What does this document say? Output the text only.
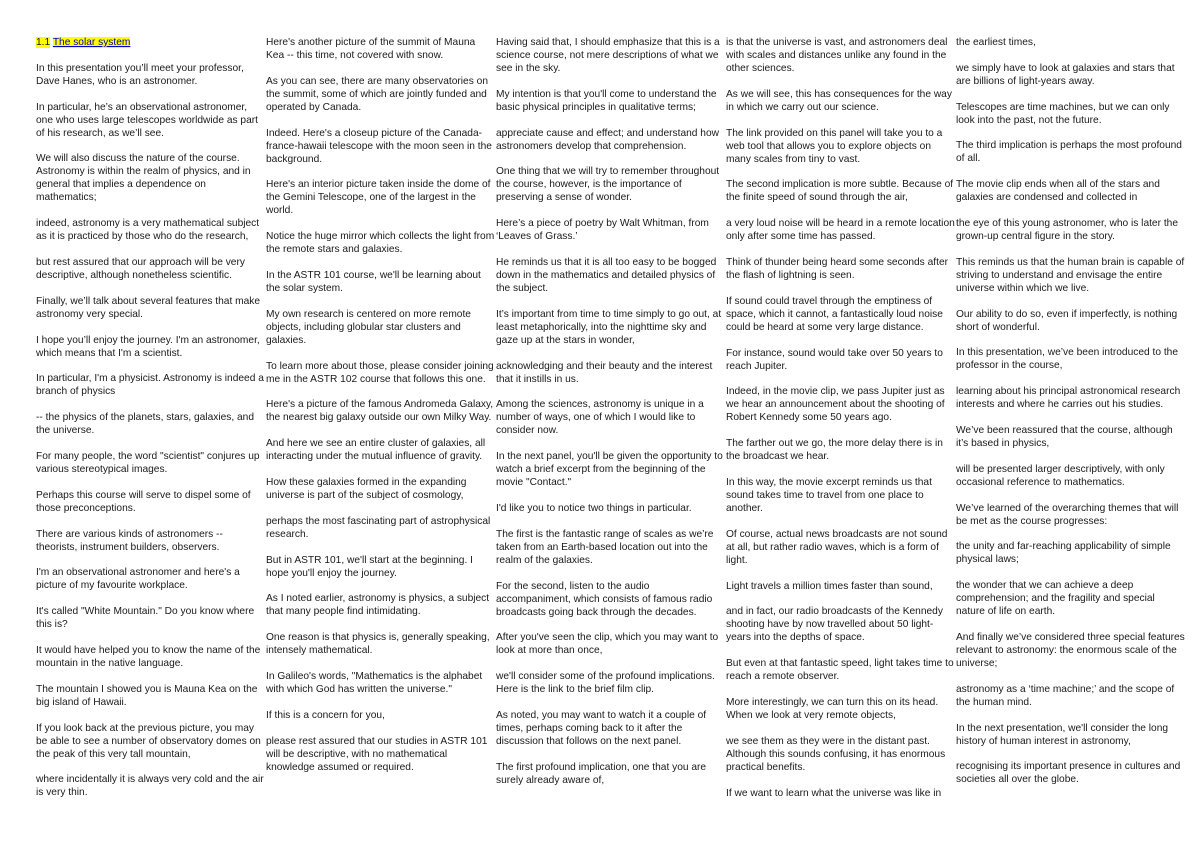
1.1 The solar system

In this presentation you’ll meet your professor, Dave Hanes, who is an astronomer.

In particular, he’s an observational astronomer, one who uses large telescopes worldwide as part of his research, as we’ll see.

We will also discuss the nature of the course. Astronomy is within the realm of physics, and in general that implies a dependence on mathematics;

indeed, astronomy is a very mathematical subject as it is practiced by those who do the research,

but rest assured that our approach will be very descriptive, although nonetheless scientific.

Finally, we’ll talk about several features that make astronomy very special.

I hope you’ll enjoy the journey. I'm an astronomer, which means that I'm a scientist.

In particular, I'm a physicist. Astronomy is indeed a branch of physics

-- the physics of the planets, stars, galaxies, and the universe.

For many people, the word "scientist" conjures up various stereotypical images.

Perhaps this course will serve to dispel some of those preconceptions.

There are various kinds of astronomers -- theorists, instrument builders, observers.

I'm an observational astronomer and here's a picture of my favourite workplace.

It's called "White Mountain." Do you know where this is?

It would have helped you to know the name of the mountain in the native language.

The mountain I showed you is Mauna Kea on the big island of Hawaii.

If you look back at the previous picture, you may be able to see a number of observatory domes on the peak of this very tall mountain,

where incidentally it is always very cold and the air is very thin.

Here's another picture of the summit of Mauna Kea -- this time, not covered with snow.

As you can see, there are many observatories on the summit, some of which are jointly funded and operated by Canada.

Indeed. Here's a closeup picture of the Canada-france-hawaii telescope with the moon seen in the background.

Here's an interior picture taken inside the dome of the Gemini Telescope, one of the largest in the world.

Notice the huge mirror which collects the light from the remote stars and galaxies.

In the ASTR 101 course, we'll be learning about the solar system.

My own research is centered on more remote objects, including globular star clusters and galaxies.

To learn more about those, please consider joining me in the ASTR 102 course that follows this one.

Here's a picture of the famous Andromeda Galaxy, the nearest big galaxy outside our own Milky Way.

And here we see an entire cluster of galaxies, all interacting under the mutual influence of gravity.

How these galaxies formed in the expanding universe is part of the subject of cosmology,

perhaps the most fascinating part of astrophysical research.

But in ASTR 101, we'll start at the beginning. I hope you'll enjoy the journey.

As I noted earlier, astronomy is physics, a subject that many people find intimidating.

One reason is that physics is, generally speaking, intensely mathematical.

In Galileo's words, "Mathematics is the alphabet with which God has written the universe."

If this is a concern for you,

please rest assured that our studies in ASTR 101 will be descriptive, with no mathematical knowledge assumed or required.

Having said that, I should emphasize that this is a science course, not mere descriptions of what we see in the sky.

My intention is that you'll come to understand the basic physical principles in qualitative terms;

appreciate cause and effect; and understand how astronomers develop that comprehension.

One thing that we will try to remember throughout the course, however, is the importance of preserving a sense of wonder.

Here’s a piece of poetry by Walt Whitman, from ‘Leaves of Grass.’

He reminds us that it is all too easy to be bogged down in the mathematics and detailed physics of the subject.

It’s important from time to time simply to go out, at least metaphorically, into the nighttime sky and gaze up at the stars in wonder,

acknowledging and their beauty and the interest that it instills in us.

Among the sciences, astronomy is unique in a number of ways, one of which I would like to consider now.

In the next panel, you'll be given the opportunity to watch a brief excerpt from the beginning of the movie "Contact."

I'd like you to notice two things in particular.

The first is the fantastic range of scales as we’re taken from an Earth-based location out into the realm of the galaxies.

For the second, listen to the audio accompaniment, which consists of famous radio broadcasts going back through the decades.

After you've seen the clip, which you may want to look at more than once,

we'll consider some of the profound implications. Here is the link to the brief film clip.

As noted, you may want to watch it a couple of times, perhaps coming back to it after the discussion that follows on the next panel.

The first profound implication, one that you are surely already aware of,

is that the universe is vast, and astronomers deal with scales and distances unlike any found in the other sciences.

As we will see, this has consequences for the way in which we carry out our science.

The link provided on this panel will take you to a web tool that allows you to explore objects on many scales from tiny to vast.

The second implication is more subtle. Because of the finite speed of sound through the air,

a very loud noise will be heard in a remote location only after some time has passed.

Think of thunder being heard some seconds after the flash of lightning is seen.

If sound could travel through the emptiness of space, which it cannot, a fantastically loud noise could be heard at some very large distance.

For instance, sound would take over 50 years to reach Jupiter.

Indeed, in the movie clip, we pass Jupiter just as we hear an announcement about the shooting of Robert Kennedy some 50 years ago.

The farther out we go, the more delay there is in the broadcast we hear.

In this way, the movie excerpt reminds us that sound takes time to travel from one place to another.

Of course, actual news broadcasts are not sound at all, but rather radio waves, which is a form of light.

Light travels a million times faster than sound,

and in fact, our radio broadcasts of the Kennedy shooting have by now travelled about 50 light-years into the depths of space.

But even at that fantastic speed, light takes time to reach a remote observer.

More interestingly, we can turn this on its head. When we look at very remote objects,

we see them as they were in the distant past. Although this sounds confusing, it has enormous practical benefits.

If we want to learn what the universe was like in

the earliest times,

we simply have to look at galaxies and stars that are billions of light-years away.

Telescopes are time machines, but we can only look into the past, not the future.

The third implication is perhaps the most profound of all.

The movie clip ends when all of the stars and galaxies are condensed and collected in

the eye of this young astronomer, who is later the grown-up central figure in the story.

This reminds us that the human brain is capable of striving to understand and envisage the entire universe within which we live.

Our ability to do so, even if imperfectly, is nothing short of wonderful.

In this presentation, we’ve been introduced to the professor in the course,

learning about his principal astronomical research interests and where he carries out his studies.

We’ve been reassured that the course, although it’s based in physics,

will be presented larger descriptively, with only occasional reference to mathematics.

We’ve learned of the overarching themes that will be met as the course progresses:

the unity and far-reaching applicability of simple physical laws;

the wonder that we can achieve a deep comprehension; and the fragility and special nature of life on earth.

And finally we’ve considered three special features relevant to astronomy: the enormous scale of the universe;

astronomy as a ‘time machine;’ and the scope of the human mind.

In the next presentation, we'll consider the long history of human interest in astronomy,

recognising its important presence in cultures and societies all over the globe.
